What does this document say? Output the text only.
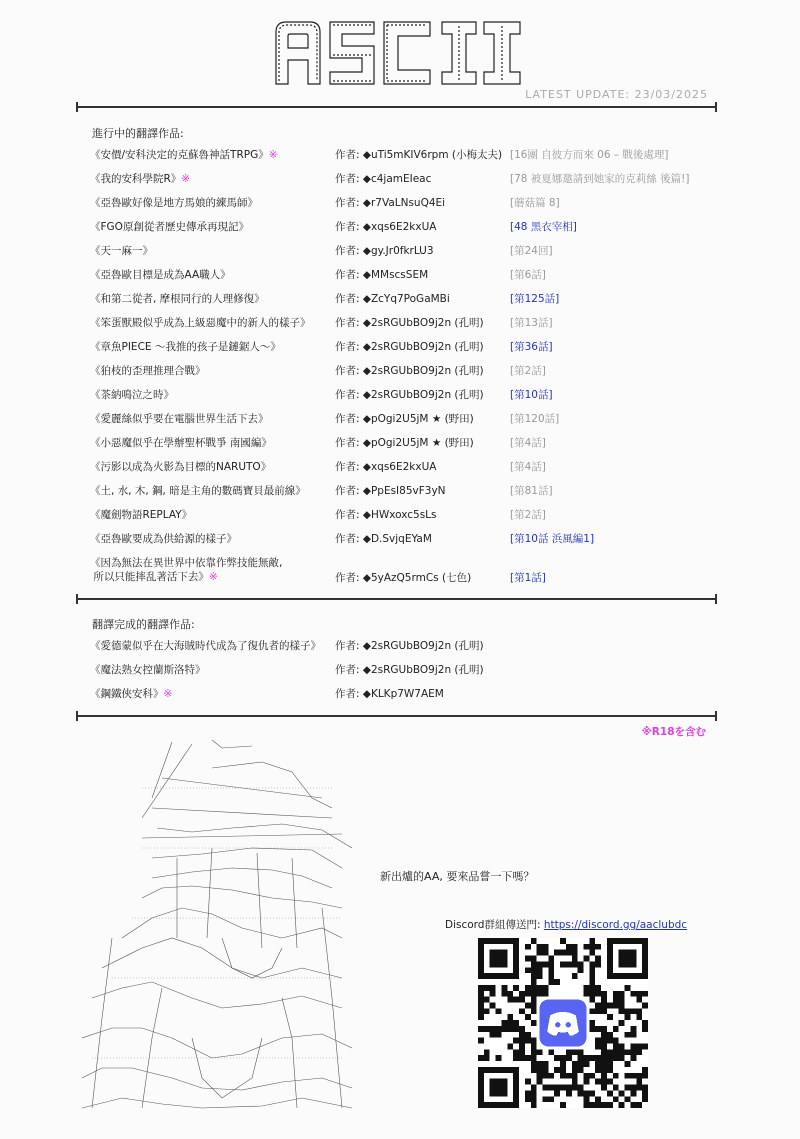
LATEST UPDATE: 23/03/2025
進行中的翻譯作品:
《安價/安科決定的克蘇魯神話TRPG》※	作者: ◆uTi5mKIV6rpm (小梅太夫) [16團 自彼方而來 06 – 戰後處理]
《我的安科學院R》※	作者: ◆c4jamEIeac	[78 被夏娜邀請到她家的克莉絲 後篇!]
《亞魯歐好像是地方馬娘的練馬師》	作者: ◆r7VaLNsuQ4Ei	[蘑菇篇 8]
《FGO原創從者歷史傳承再現記》	作者: ◆xqs6E2kxUA	[48 黑衣宰相]
《天一麻一》	作者: ◆gy.Jr0fkrLU3	[第24回]
《亞魯歐目標是成為AA職人》	作者: ◆MMscsSEM	[第6話]
《和第二從者, 摩根同行的人理修復》	作者: ◆ZcYq7PoGaMBi	[第125話]
《笨蛋獸殿似乎成為上級惡魔中的新人的樣子》 作者: ◆2sRGUbBO9j2n (孔明)	[第13話]
《章魚PIECE ～我推的孩子是鏈鋸人～》	作者: ◆2sRGUbBO9j2n (孔明)	[第36話]
《狛枝的歪理推理合戰》	作者: ◆2sRGUbBO9j2n (孔明)	[第2話]
《茶納鳴泣之時》	作者: ◆2sRGUbBO9j2n (孔明)	[第10話]
《愛麗絲似乎要在電腦世界生活下去》	作者: ◆pOgi2U5jM ★ (野田)	[第120話]
《小惡魔似乎在學辦聖杯戰爭 南國編》	作者: ◆pOgi2U5jM ★ (野田)	[第4話]
《污影以成為火影為目標的NARUTO》	作者: ◆xqs6E2kxUA	[第4話]
《土, 水, 木, 鋼, 暗是主角的數碼寶貝最前線》	作者: ◆PpEsI85vF3yN	[第81話]
《魔劍物語REPLAY》	作者: ◆HWxoxc5sLs	[第2話]
《亞魯歐要成為供給源的樣子》	作者: ◆D.SvjqEYaM	[第10話 浜風編1]
《因為無法在異世界中依靠作弊技能無敵,
所以只能摔乱著活下去》※	作者: ◆5yAzQ5rmCs (七色)	[第1話]
翻譯完成的翻譯作品:
《愛德蒙似乎在大海賊時代成為了復仇者的樣子》 作者: ◆2sRGUbBO9j2n (孔明)
《魔法熟女控蘭斯洛特》	作者: ◆2sRGUbBO9j2n (孔明)
《鋼鐵俠安科》※	作者: ◆KLKp7W7AEM
※R18を含む
新出爐的AA, 要來品嘗一下嗎？
Discord群組傳送門: https://discord.gg/aaclubdc
